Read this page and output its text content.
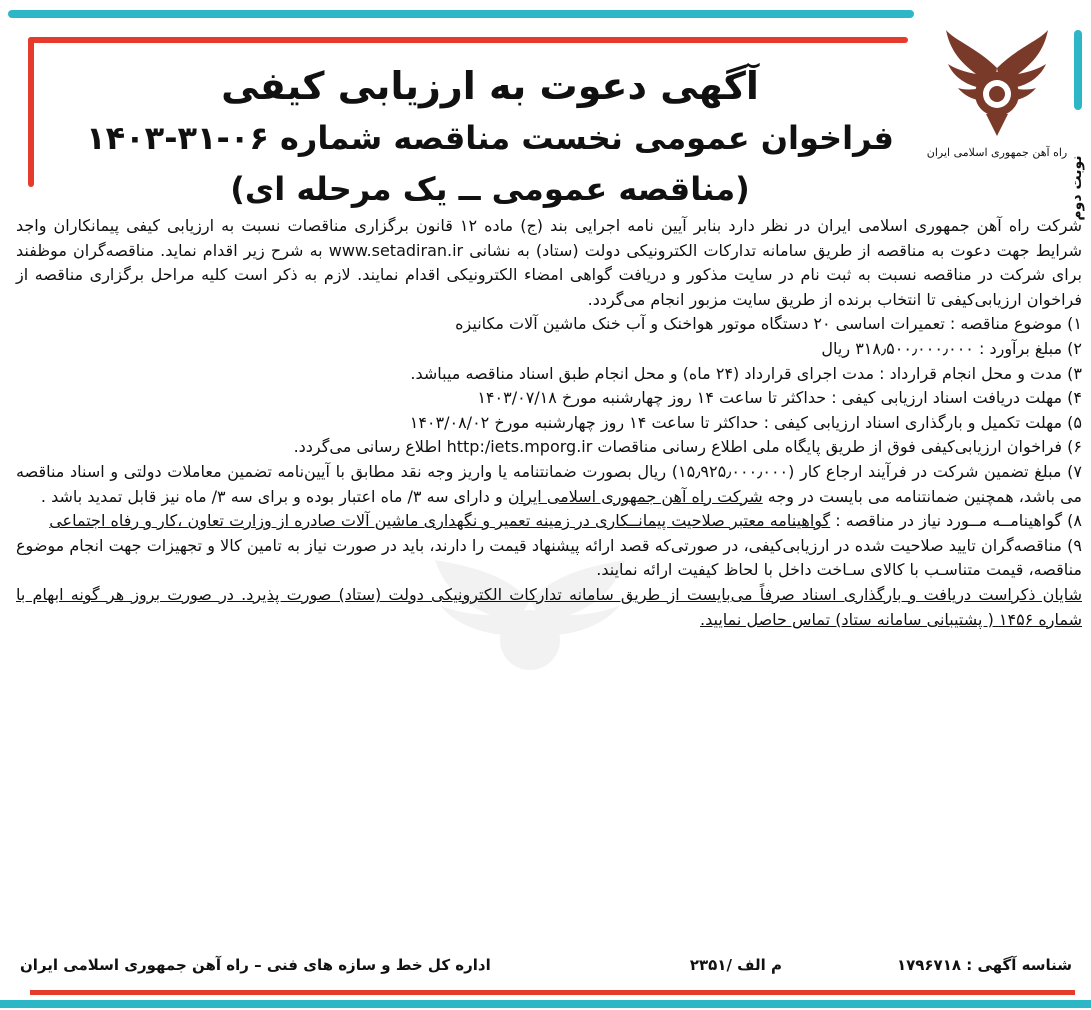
راه آهن جمهوری اسلامی ایران
نوبت دوم

آگهی دعوت به ارزیابی کیفی

فراخوان عمومی نخست مناقصه شماره ۰۶-۳۱-۱۴۰۳

(مناقصه عمومی ــ یک مرحله ای)

شرکت راه آهن جمهوری اسلامی ایران در نظر دارد بنابر آیین نامه اجرایی بند (ج) ماده ۱۲ قانون برگزاری مناقصات نسبت به ارزیابی کیفی پیمانکاران واجد شرایط جهت دعوت به مناقصه از طریق سامانه تدارکات الکترونیکی دولت (ستاد) به نشانی www.setadiran.ir به شرح زیر اقدام نماید. مناقصه‌گران موظفند برای شرکت در مناقصه نسبت به ثبت نام در سایت مذکور و دریافت گواهی امضاء الکترونیکی اقدام نمایند. لازم به ذکر است کلیه مراحل برگزاری مناقصه از فراخوان ارزیابی‌کیفی تا انتخاب برنده از طریق سایت مزبور انجام می‌گردد.

۱) موضوع مناقصه : تعمیرات اساسی ۲۰ دستگاه موتور هواخنک و آب خنک ماشین آلات مکانیزه

۲) مبلغ برآورد : ۳۱۸٫۵۰۰٫۰۰۰٫۰۰۰ ریال

۳) مدت و محل انجام قرارداد : مدت اجرای قرارداد (۲۴ ماه) و محل انجام طبق اسناد مناقصه میباشد.

۴) مهلت دریافت اسناد ارزیابی کیفی : حداکثر تا ساعت ۱۴ روز چهارشنبه مورخ ۱۴۰۳/۰۷/۱۸

۵) مهلت تکمیل و بارگذاری اسناد ارزیابی کیفی : حداکثر تا ساعت ۱۴ روز چهارشنبه مورخ ۱۴۰۳/۰۸/۰۲

۶) فراخوان ارزیابی‌کیفی فوق از طریق پایگاه ملی اطلاع رسانی مناقصات http:/iets.mporg.ir اطلاع رسانی می‌گردد.

۷) مبلغ تضمین شرکت در فرآیند ارجاع کار (۱۵٫۹۲۵٫۰۰۰٫۰۰۰) ریال بصورت ضمانتنامه یا واریز وجه نقد مطابق با آیین‌نامه تضمین معاملات دولتی و اسناد مناقصه می باشد، همچنین ضمانتنامه می بایست در وجه شرکت راه آهن جمهوری اسلامی ایران و دارای سه ۳/ ماه اعتبار بوده و برای سه ۳/ ماه نیز قابل تمدید باشد .

۸) گواهینامــه مــورد نیاز در مناقصه : گواهینامه معتبر صلاحیت پیمانــکاری در زمینه تعمیر و نگهداری ماشین آلات صادره از وزارت تعاون ،کار و رفاه اجتماعی

۹) مناقصه‌گران تایید صلاحیت شده در ارزیابی‌کیفی، در صورتی‌که قصد ارائه پیشنهاد قیمت را دارند، باید در صورت نیاز به تامین کالا و تجهیزات جهت انجام موضوع مناقصه، قیمت متناسـب با کالای سـاخت داخل با لحاظ کیفیت ارائه نمایند.

شایان ذکراست دریافت و بارگذاری اسناد صرفاً می‌بایست از طریق سامانه تدارکات الکترونیکی دولت (ستاد) صورت پذیرد. در صورت بروز هر گونه ابهام با شماره ۱۴۵۶ ( پشتیبانی سامانه ستاد) تماس حاصل نمایید.

شناسه آگهی : ۱۷۹۶۷۱۸
م الف /۲۳۵۱
اداره کل خط و سازه های فنی – راه آهن جمهوری اسلامی ایران
